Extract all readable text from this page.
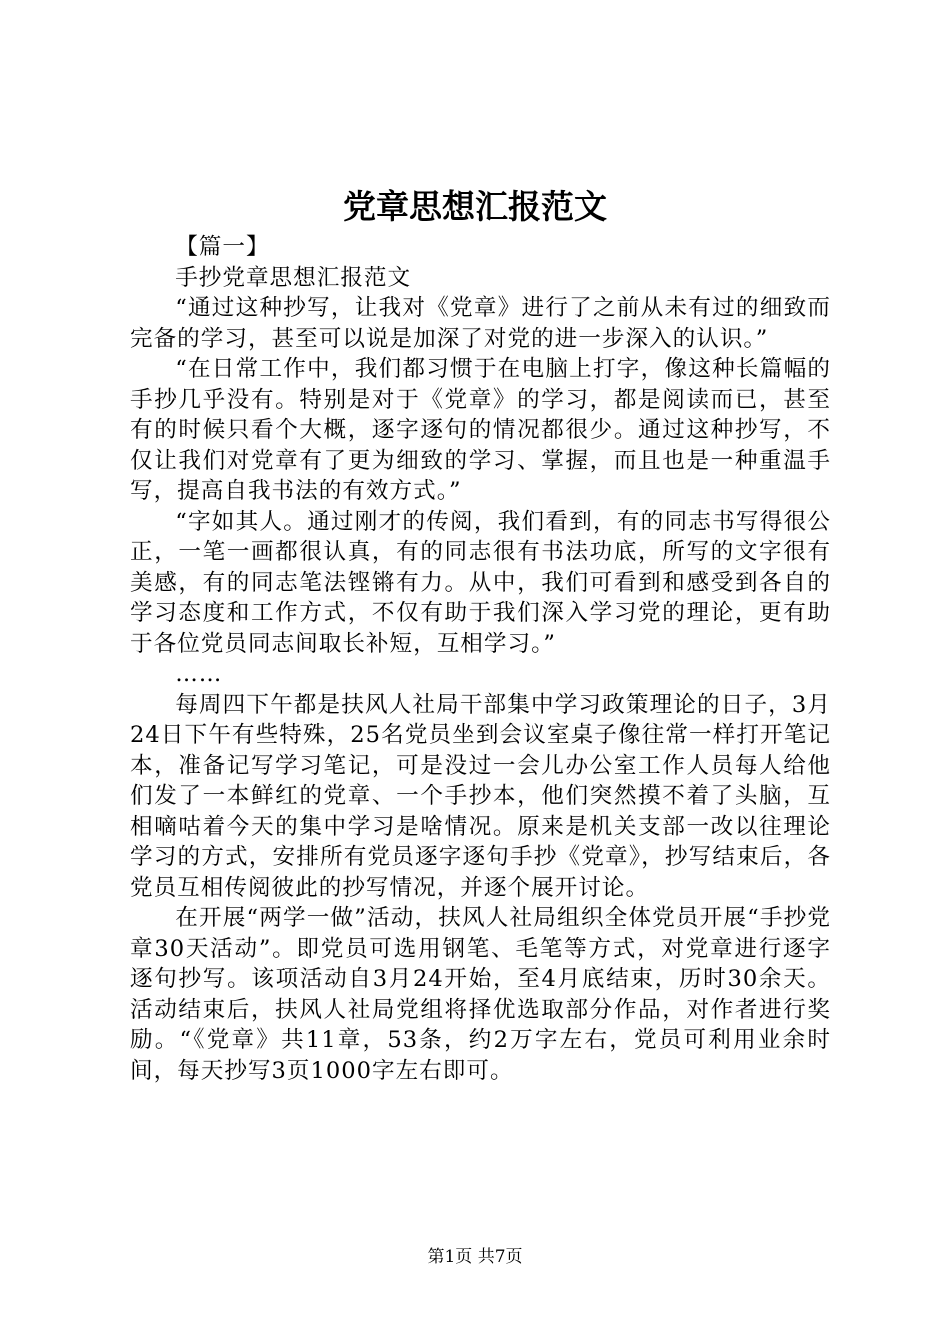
党章思想汇报范文

【篇一】

手抄党章思想汇报范文

“通过这种抄写，让我对《党章》进行了之前从未有过的细致而完备的学习，甚至可以说是加深了对党的进一步深入的认识。”

“在日常工作中，我们都习惯于在电脑上打字，像这种长篇幅的手抄几乎没有。特别是对于《党章》的学习，都是阅读而已，甚至有的时候只看个大概，逐字逐句的情况都很少。通过这种抄写，不仅让我们对党章有了更为细致的学习、掌握，而且也是一种重温手写，提高自我书法的有效方式。”

“字如其人。通过刚才的传阅，我们看到，有的同志书写得很公正，一笔一画都很认真，有的同志很有书法功底，所写的文字很有美感，有的同志笔法铿锵有力。从中，我们可看到和感受到各自的学习态度和工作方式，不仅有助于我们深入学习党的理论，更有助于各位党员同志间取长补短，互相学习。”

……

每周四下午都是扶风人社局干部集中学习政策理论的日子，3月24日下午有些特殊，25名党员坐到会议室桌子像往常一样打开笔记本，准备记写学习笔记，可是没过一会儿办公室工作人员每人给他们发了一本鲜红的党章、一个手抄本，他们突然摸不着了头脑，互相嘀咕着今天的集中学习是啥情况。原来是机关支部一改以往理论学习的方式，安排所有党员逐字逐句手抄《党章》，抄写结束后，各党员互相传阅彼此的抄写情况，并逐个展开讨论。

在开展“两学一做”活动，扶风人社局组织全体党员开展“手抄党章30天活动”。即党员可选用钢笔、毛笔等方式，对党章进行逐字逐句抄写。该项活动自3月24开始，至4月底结束，历时30余天。活动结束后，扶风人社局党组将择优选取部分作品，对作者进行奖励。“《党章》共11章，53条，约2万字左右，党员可利用业余时间，每天抄写3页1000字左右即可。

第1页 共7页
